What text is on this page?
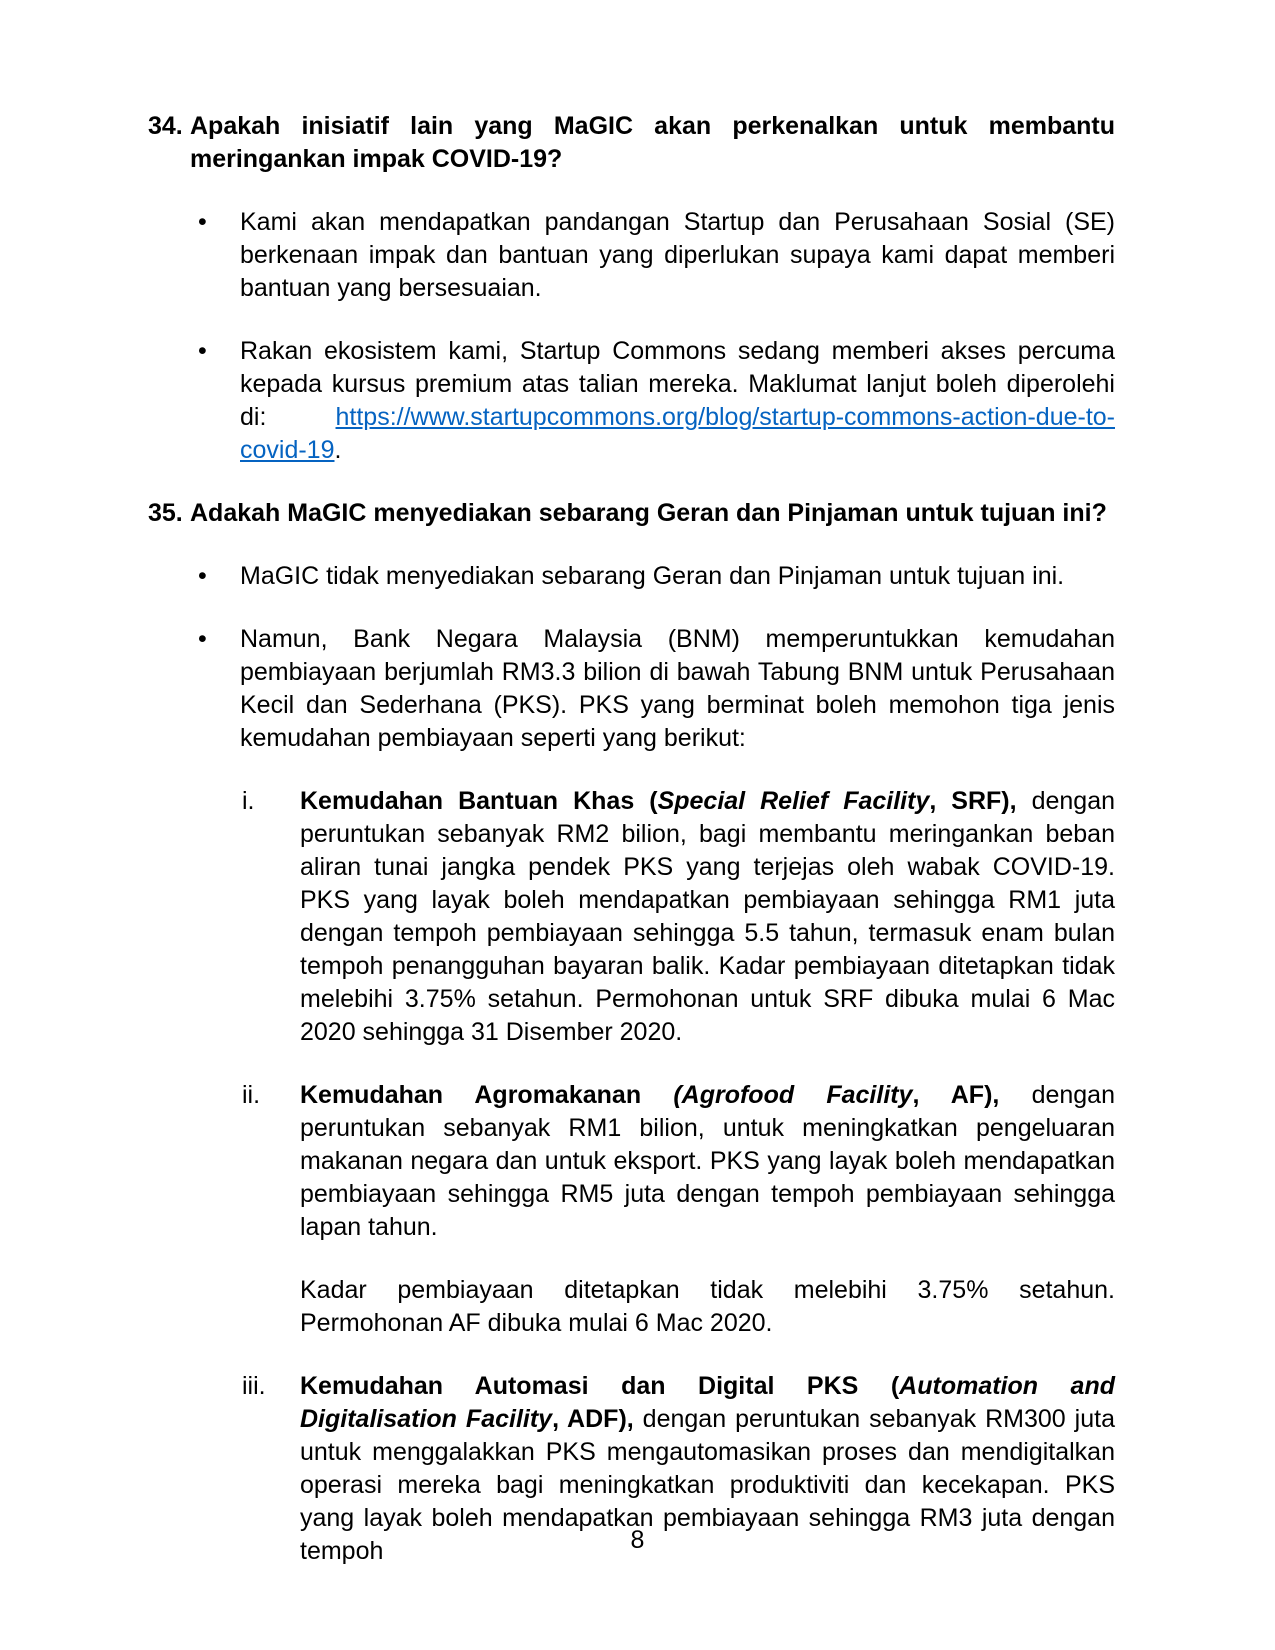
34. Apakah inisiatif lain yang MaGIC akan perkenalkan untuk membantu meringankan impak COVID-19?
• Kami akan mendapatkan pandangan Startup dan Perusahaan Sosial (SE) berkenaan impak dan bantuan yang diperlukan supaya kami dapat memberi bantuan yang bersesuaian.
• Rakan ekosistem kami, Startup Commons sedang memberi akses percuma kepada kursus premium atas talian mereka. Maklumat lanjut boleh diperolehi di: https://www.startupcommons.org/blog/startup-commons-action-due-to-covid-19.
35. Adakah MaGIC menyediakan sebarang Geran dan Pinjaman untuk tujuan ini?
• MaGIC tidak menyediakan sebarang Geran dan Pinjaman untuk tujuan ini.
• Namun, Bank Negara Malaysia (BNM) memperuntukkan kemudahan pembiayaan berjumlah RM3.3 bilion di bawah Tabung BNM untuk Perusahaan Kecil dan Sederhana (PKS). PKS yang berminat boleh memohon tiga jenis kemudahan pembiayaan seperti yang berikut:
i. Kemudahan Bantuan Khas (Special Relief Facility, SRF), dengan peruntukan sebanyak RM2 bilion, bagi membantu meringankan beban aliran tunai jangka pendek PKS yang terjejas oleh wabak COVID-19. PKS yang layak boleh mendapatkan pembiayaan sehingga RM1 juta dengan tempoh pembiayaan sehingga 5.5 tahun, termasuk enam bulan tempoh penangguhan bayaran balik. Kadar pembiayaan ditetapkan tidak melebihi 3.75% setahun. Permohonan untuk SRF dibuka mulai 6 Mac 2020 sehingga 31 Disember 2020.
ii. Kemudahan Agromakanan (Agrofood Facility, AF), dengan peruntukan sebanyak RM1 bilion, untuk meningkatkan pengeluaran makanan negara dan untuk eksport. PKS yang layak boleh mendapatkan pembiayaan sehingga RM5 juta dengan tempoh pembiayaan sehingga lapan tahun.
Kadar pembiayaan ditetapkan tidak melebihi 3.75% setahun. Permohonan AF dibuka mulai 6 Mac 2020.
iii. Kemudahan Automasi dan Digital PKS (Automation and Digitalisation Facility, ADF), dengan peruntukan sebanyak RM300 juta untuk menggalakkan PKS mengautomasikan proses dan mendigitalkan operasi mereka bagi meningkatkan produktiviti dan kecekapan. PKS yang layak boleh mendapatkan pembiayaan sehingga RM3 juta dengan tempoh	8
